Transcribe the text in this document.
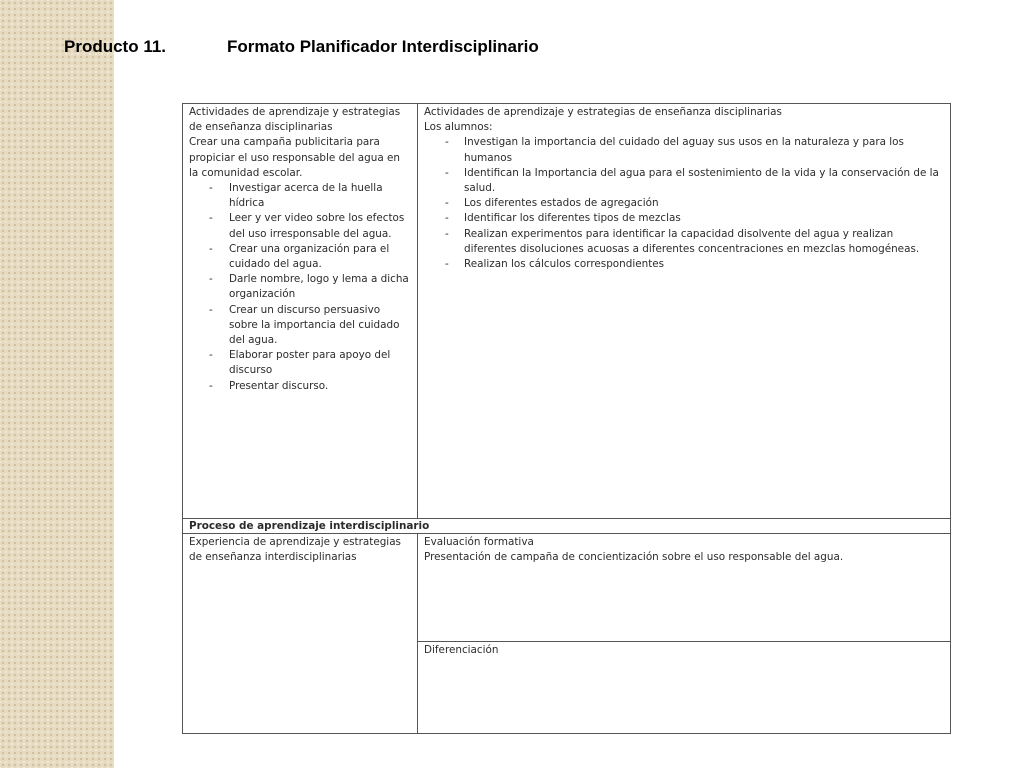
Producto 11.	Formato Planificador Interdisciplinario
Actividades de aprendizaje y estrategias de enseñanza disciplinarias
Crear una campaña publicitaria para propiciar el uso responsable del agua en la comunidad escolar.
- Investigar acerca de la huella hídrica
- Leer y ver video sobre los efectos del uso irresponsable del agua.
- Crear una organización para el cuidado del agua.
- Darle nombre, logo y lema a dicha organización
- Crear un discurso persuasivo sobre la importancia del cuidado del agua.
- Elaborar poster para apoyo del discurso
- Presentar discurso.
Actividades de aprendizaje y estrategias de enseñanza disciplinarias
Los alumnos:
- Investigan la importancia del cuidado del aguay sus usos en la naturaleza y para los humanos
- Identifican la Importancia del agua para el sostenimiento de la vida y la conservación de la salud.
- Los diferentes estados de agregación
- Identificar los diferentes tipos de mezclas
- Realizan experimentos para identificar la capacidad disolvente del agua y realizan diferentes disoluciones acuosas a diferentes concentraciones en mezclas homogéneas.
- Realizan los cálculos correspondientes
Proceso de aprendizaje interdisciplinario
Experiencia de aprendizaje y estrategias de enseñanza interdisciplinarias
Evaluación formativa
Presentación de campaña de concientización sobre el uso responsable del agua.
Diferenciación
